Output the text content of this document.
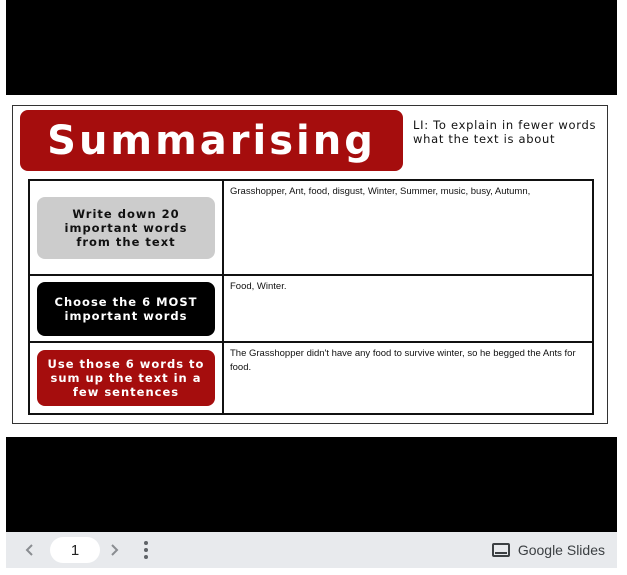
Summarising	LI: To explain in fewer words what the text is about
Write down 20 important words from the text
Grasshopper, Ant, food, disgust, Winter, Summer, music, busy, Autumn,
Choose the 6 MOST important words
Food, Winter.
Use those 6 words to sum up the text in a few sentences
The Grasshopper didn't have any food to survive winter, so he begged the Ants for food.
1
Google Slides
